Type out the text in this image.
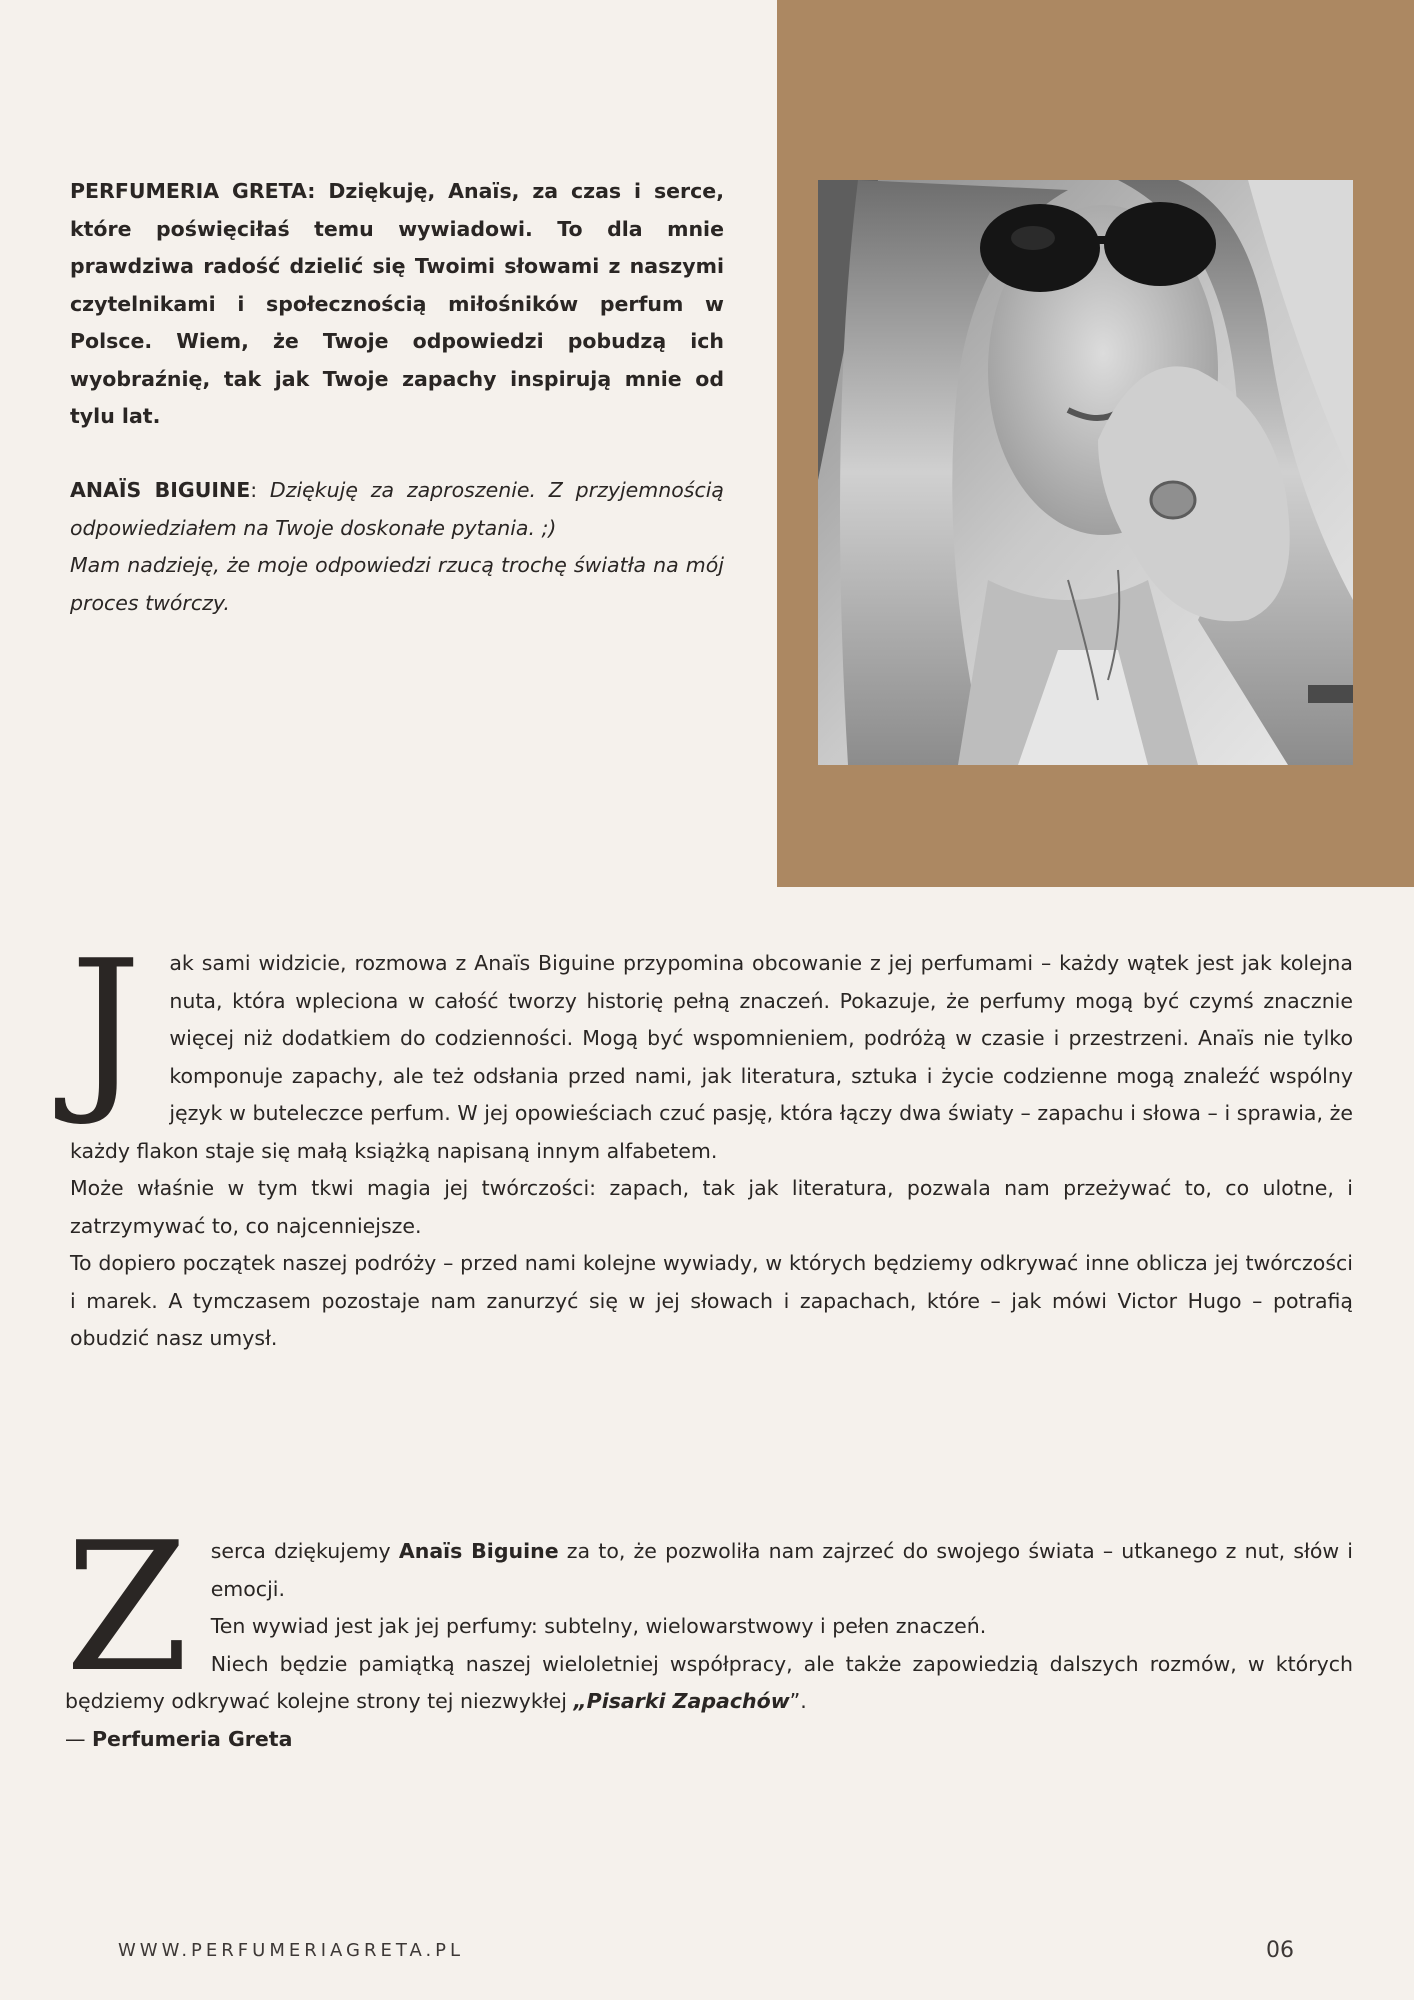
PERFUMERIA GRETA: Dziękuję, Anaïs, za czas i serce, które poświęciłaś temu wywiadowi. To dla mnie prawdziwa radość dzielić się Twoimi słowami z naszymi czytelnikami i społecznością miłośników perfum w Polsce. Wiem, że Twoje odpowiedzi pobudzą ich wyobraźnię, tak jak Twoje zapachy inspirują mnie od tylu lat.
ANAÏS BIGUINE: Dziękuję za zaproszenie. Z przyjemnością odpowiedziałem na Twoje doskonałe pytania. ;)
Mam nadzieję, że moje odpowiedzi rzucą trochę światła na mój proces twórczy.
J	ak sami widzicie, rozmowa z Anaïs Biguine przypomina obcowanie z jej perfumami – każdy wątek jest jak kolejna nuta, która wpleciona w całość tworzy historię pełną znaczeń. Pokazuje, że perfumy mogą być czymś znacznie więcej niż dodatkiem do codzienności. Mogą być wspomnieniem, podróżą w czasie i przestrzeni. Anaïs nie tylko komponuje zapachy, ale też odsłania przed nami, jak literatura, sztuka i życie codzienne mogą znaleźć wspólny język w buteleczce perfum. W jej opowieściach czuć pasję, która łączy dwa światy – zapachu i słowa – i sprawia, że każdy flakon staje się małą książką napisaną innym alfabetem.

Może właśnie w tym tkwi magia jej twórczości: zapach, tak jak literatura, pozwala nam przeżywać to, co ulotne, i zatrzymywać to, co najcenniejsze.

To dopiero początek naszej podróży – przed nami kolejne wywiady, w których będziemy odkrywać inne oblicza jej twórczości i marek. A tymczasem pozostaje nam zanurzyć się w jej słowach i zapachach, które – jak mówi Victor Hugo – potrafią obudzić nasz umysł.

Z	serca dziękujemy Anaïs Biguine za to, że pozwoliła nam zajrzeć do swojego świata – utkanego z nut, słów i emocji.

Ten wywiad jest jak jej perfumy: subtelny, wielowarstwowy i pełen znaczeń.

Niech będzie pamiątką naszej wieloletniej współpracy, ale także zapowiedzią dalszych rozmów, w których będziemy odkrywać kolejne strony tej niezwykłej „Pisarki Zapachów”.

— Perfumeria Greta

WWW.PERFUMERIAGRETA.PL	06
